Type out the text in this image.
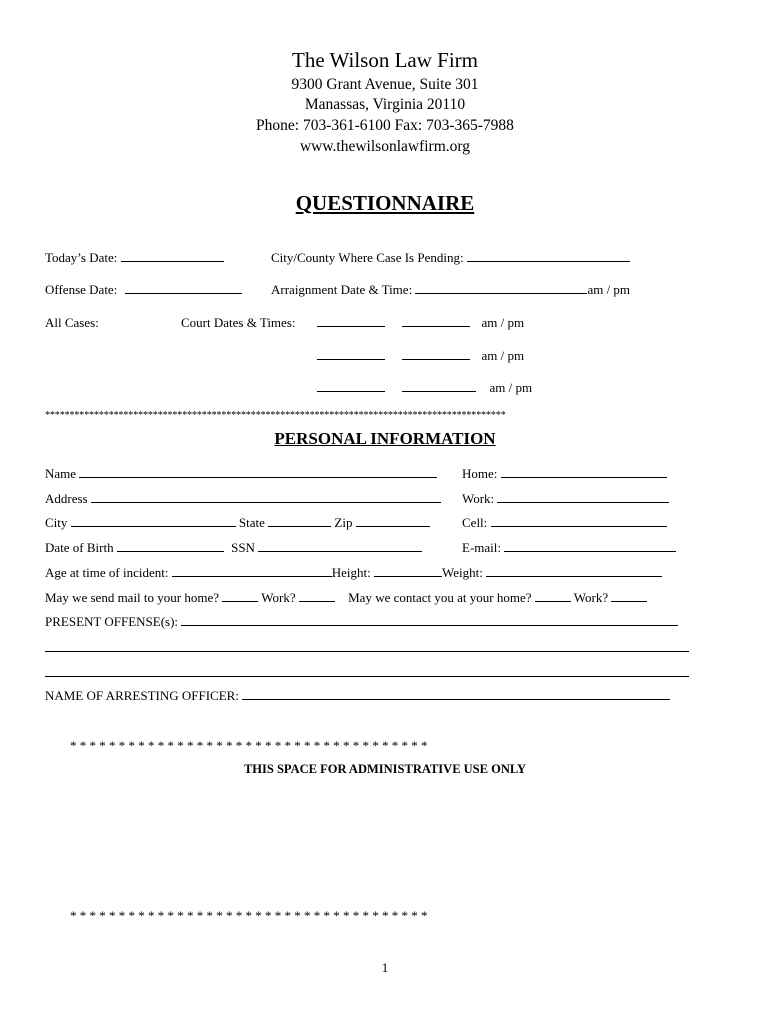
The Wilson Law Firm
9300 Grant Avenue, Suite 301
Manassas, Virginia 20110
Phone: 703-361-6100 Fax: 703-365-7988
www.thewilsonlawfirm.org
QUESTIONNAIRE
Today’s Date:	City/County Where Case Is Pending:
Offense Date:	Arraignment Date & Time:	am / pm
All Cases:	Court Dates & Times:	am / pm
am / pm
am / pm
**********************************************************************************************
PERSONAL INFORMATION
Name	Home:
Address	Work:
City	State	Zip	Cell:
Date of Birth	SSN	E-mail:
Age at time of incident:	Height:	Weight:
May we send mail to your home?	Work?	May we contact you at your home?	Work?
PRESENT OFFENSE(s):
NAME OF ARRESTING OFFICER:
* * * * * * * * * * * * * * * * * * * * * * * * * * * * * * * * * * * * *
THIS SPACE FOR ADMINISTRATIVE USE ONLY
* * * * * * * * * * * * * * * * * * * * * * * * * * * * * * * * * * * * *
1
